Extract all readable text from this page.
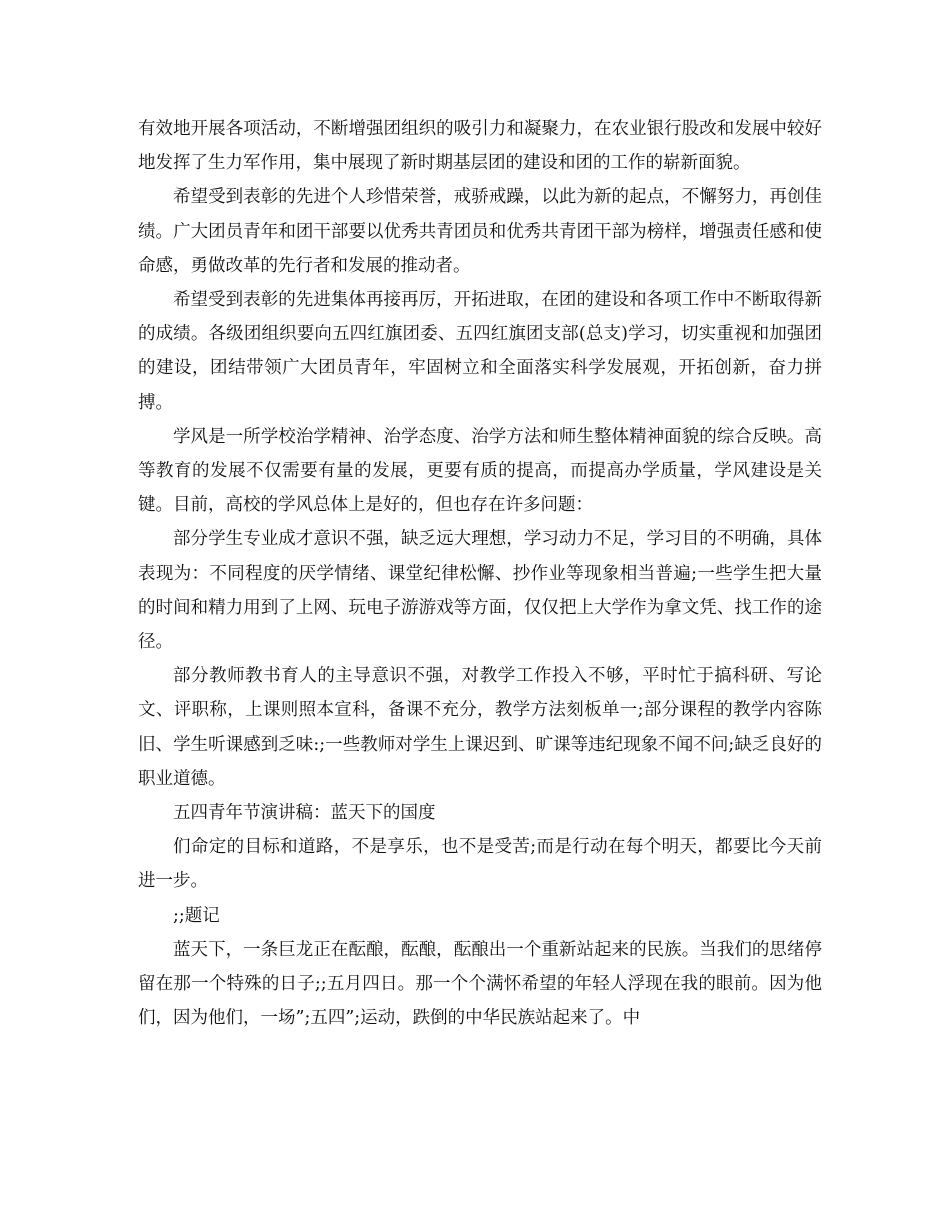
有效地开展各项活动，不断增强团组织的吸引力和凝聚力，在农业银行股改和发展中较好地发挥了生力军作用，集中展现了新时期基层团的建设和团的工作的崭新面貌。

希望受到表彰的先进个人珍惜荣誉，戒骄戒躁，以此为新的起点，不懈努力，再创佳绩。广大团员青年和团干部要以优秀共青团员和优秀共青团干部为榜样，增强责任感和使命感，勇做改革的先行者和发展的推动者。

希望受到表彰的先进集体再接再厉，开拓进取，在团的建设和各项工作中不断取得新的成绩。各级团组织要向五四红旗团委、五四红旗团支部(总支)学习，切实重视和加强团的建设，团结带领广大团员青年，牢固树立和全面落实科学发展观，开拓创新，奋力拼搏。

学风是一所学校治学精神、治学态度、治学方法和师生整体精神面貌的综合反映。高等教育的发展不仅需要有量的发展，更要有质的提高，而提高办学质量，学风建设是关键。目前，高校的学风总体上是好的，但也存在许多问题：

部分学生专业成才意识不强，缺乏远大理想，学习动力不足，学习目的不明确，具体表现为：不同程度的厌学情绪、课堂纪律松懈、抄作业等现象相当普遍;一些学生把大量的时间和精力用到了上网、玩电子游游戏等方面，仅仅把上大学作为拿文凭、找工作的途径。

部分教师教书育人的主导意识不强，对教学工作投入不够，平时忙于搞科研、写论文、评职称，上课则照本宣科，备课不充分，教学方法刻板单一;部分课程的教学内容陈旧、学生听课感到乏味:;一些教师对学生上课迟到、旷课等违纪现象不闻不问;缺乏良好的职业道德。

五四青年节演讲稿：蓝天下的国度

们命定的目标和道路，不是享乐，也不是受苦;而是行动在每个明天，都要比今天前进一步。

;;题记

蓝天下，一条巨龙正在酝酿，酝酿，酝酿出一个重新站起来的民族。当我们的思绪停留在那一个特殊的日子;;五月四日。那一个个满怀希望的年轻人浮现在我的眼前。因为他们，因为他们，一场”;五四”;运动，跌倒的中华民族站起来了。中
